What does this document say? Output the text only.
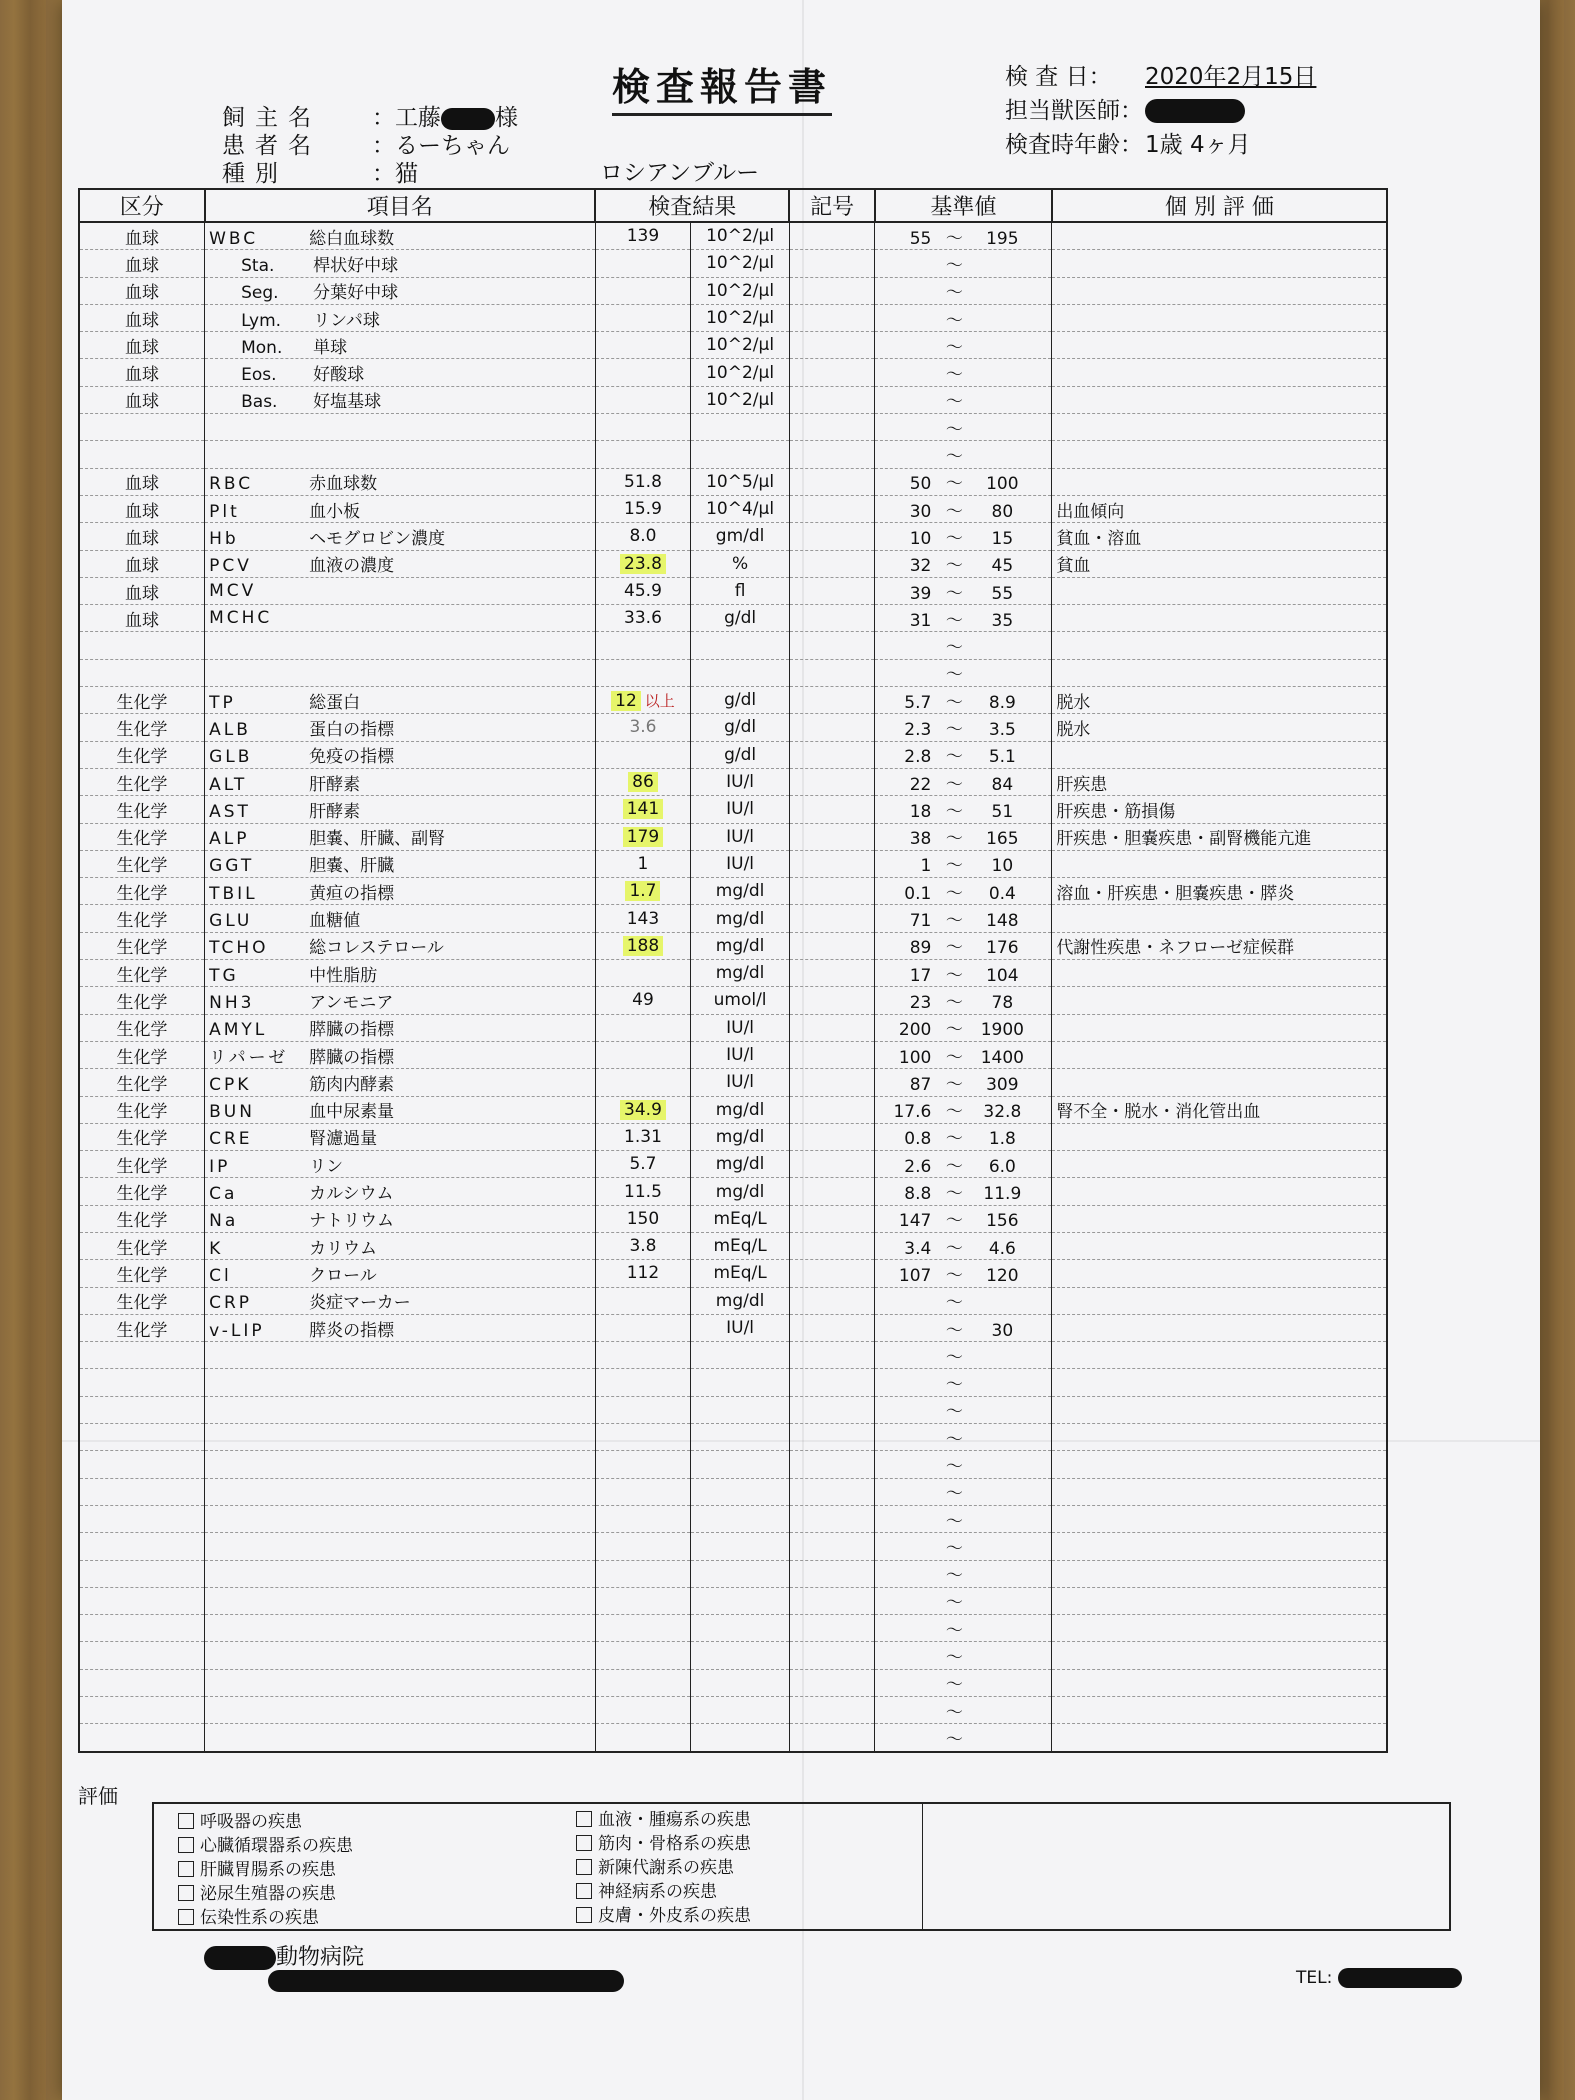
検査報告書
飼主名	：工藤 様
患者名	：るーちゃん
種別	：猫	ロシアンブルー
検 査 日：	2020年2月15日
担当獣医師：
検査時年齢： 1歳 4ヶ月
区分	項目名	検査結果		記号	基準値	個 別 評 価
血球	WBC 総白血球数	139	10^2/μl		55 〜 195	
血球	Sta. 桿状好中球		10^2/μl		〜	
血球	Seg. 分葉好中球		10^2/μl		〜	
血球	Lym. リンパ球		10^2/μl		〜	
血球	Mon. 単球		10^2/μl		〜	
血球	Eos. 好酸球		10^2/μl		〜	
血球	Bas. 好塩基球		10^2/μl		〜	
					〜	
					〜	
血球	RBC 赤血球数	51.8	10^5/μl		50 〜 100	
血球	Plt 血小板	15.9	10^4/μl		30 〜 80	出血傾向
血球	Hb ヘモグロビン濃度	8.0	gm/dl		10 〜 15	貧血・溶血
血球	PCV 血液の濃度	23.8	%		32 〜 45	貧血
血球	MCV	45.9	fl		39 〜 55	
血球	MCHC	33.6	g/dl		31 〜 35	
					〜	
					〜	
生化学	TP 総蛋白	12 以上	g/dl		5.7 〜 8.9	脱水
生化学	ALB 蛋白の指標	3.6	g/dl		2.3 〜 3.5	脱水
生化学	GLB 免疫の指標		g/dl		2.8 〜 5.1	
生化学	ALT 肝酵素	86	IU/l		22 〜 84	肝疾患
生化学	AST 肝酵素	141	IU/l		18 〜 51	肝疾患・筋損傷
生化学	ALP 胆嚢、肝臓、副腎	179	IU/l		38 〜 165	肝疾患・胆嚢疾患・副腎機能亢進
生化学	GGT 胆嚢、肝臓	1	IU/l		1 〜 10	
生化学	TBIL 黄疸の指標	1.7	mg/dl		0.1 〜 0.4	溶血・肝疾患・胆嚢疾患・膵炎
生化学	GLU 血糖値	143	mg/dl		71 〜 148	
生化学	TCHO 総コレステロール	188	mg/dl		89 〜 176	代謝性疾患・ネフローゼ症候群
生化学	TG 中性脂肪		mg/dl		17 〜 104	
生化学	NH3 アンモニア	49	umol/l		23 〜 78	
生化学	AMYL 膵臓の指標		IU/l		200 〜 1900	
生化学	リパーゼ 膵臓の指標		IU/l		100 〜 1400	
生化学	CPK 筋肉内酵素		IU/l		87 〜 309	
生化学	BUN 血中尿素量	34.9	mg/dl		17.6 〜 32.8	腎不全・脱水・消化管出血
生化学	CRE 腎濾過量	1.31	mg/dl		0.8 〜 1.8	
生化学	IP リン	5.7	mg/dl		2.6 〜 6.0	
生化学	Ca カルシウム	11.5	mg/dl		8.8 〜 11.9	
生化学	Na ナトリウム	150	mEq/L		147 〜 156	
生化学	K カリウム	3.8	mEq/L		3.4 〜 4.6	
生化学	Cl クロール	112	mEq/L		107 〜 120	
生化学	CRP 炎症マーカー		mg/dl		〜	
生化学	v-LIP 膵炎の指標		IU/l		〜 30	
					〜	
					〜	
					〜	
					〜	
					〜	
					〜	
					〜	
					〜	
					〜	
					〜	
					〜	
					〜	
					〜	
					〜	
					〜	
評価
呼吸器の疾患
心臓循環器系の疾患
肝臓胃腸系の疾患
泌尿生殖器の疾患
伝染性系の疾患
血液・腫瘍系の疾患
筋肉・骨格系の疾患
新陳代謝系の疾患
神経病系の疾患
皮膚・外皮系の疾患
動物病院
TEL:
